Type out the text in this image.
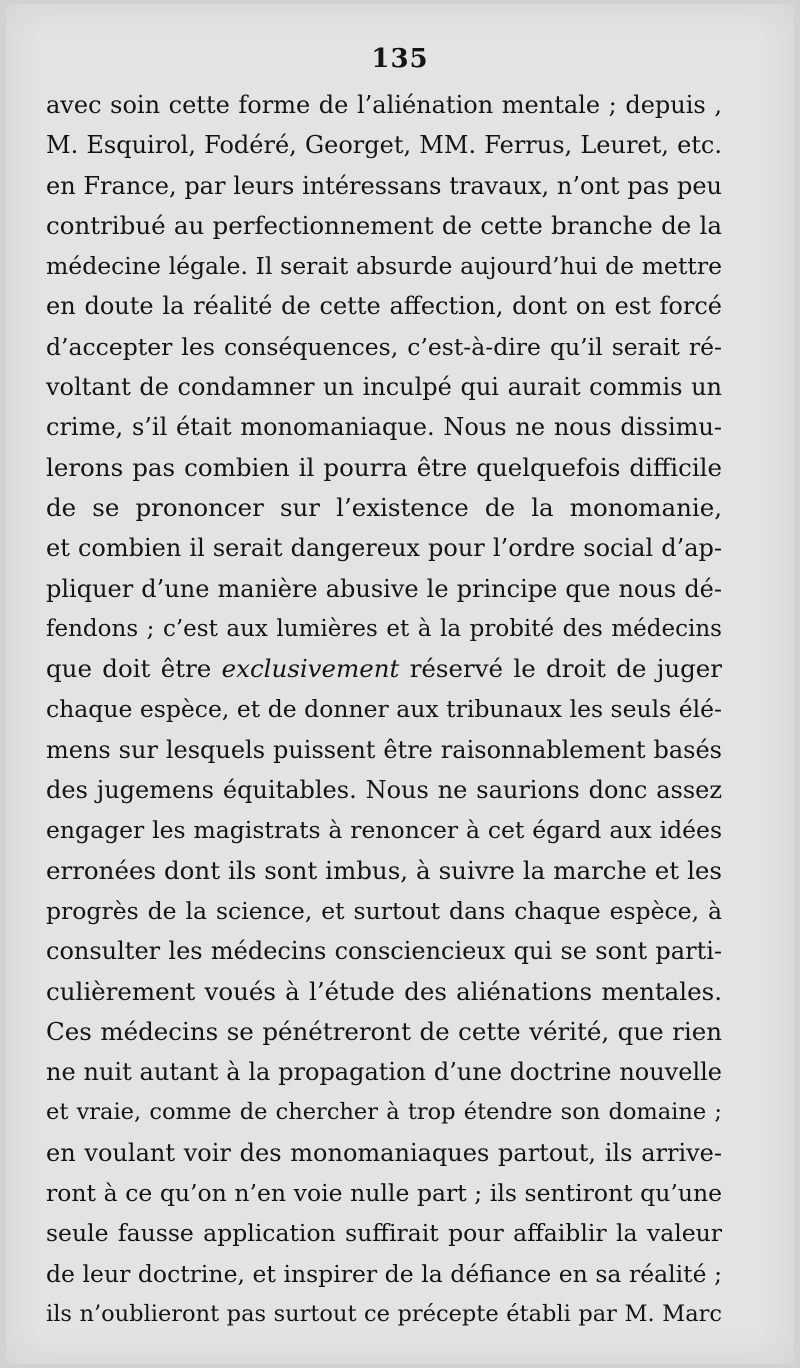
135
avec soin cette forme de l’aliénation mentale ; depuis ,
M. Esquirol, Fodéré, Georget, MM. Ferrus, Leuret, etc.
en France, par leurs intéressans travaux, n’ont pas peu
contribué au perfectionnement de cette branche de la
médecine légale. Il serait absurde aujourd’hui de mettre
en doute la réalité de cette affection, dont on est forcé
d’accepter les conséquences, c’est-à-dire qu’il serait ré-
voltant de condamner un inculpé qui aurait commis un
crime, s’il était monomaniaque. Nous ne nous dissimu-
lerons pas combien il pourra être quelquefois difficile
de se prononcer sur l’existence de la monomanie,
et combien il serait dangereux pour l’ordre social d’ap-
pliquer d’une manière abusive le principe que nous dé-
fendons ; c’est aux lumières et à la probité des médecins
que doit être exclusivement réservé le droit de juger
chaque espèce, et de donner aux tribunaux les seuls élé-
mens sur lesquels puissent être raisonnablement basés
des jugemens équitables. Nous ne saurions donc assez
engager les magistrats à renoncer à cet égard aux idées
erronées dont ils sont imbus, à suivre la marche et les
progrès de la science, et surtout dans chaque espèce, à
consulter les médecins consciencieux qui se sont parti-
culièrement voués à l’étude des aliénations mentales.
Ces médecins se pénétreront de cette vérité, que rien
ne nuit autant à la propagation d’une doctrine nouvelle
et vraie, comme de chercher à trop étendre son domaine ;
en voulant voir des monomaniaques partout, ils arrive-
ront à ce qu’on n’en voie nulle part ; ils sentiront qu’une
seule fausse application suffirait pour affaiblir la valeur
de leur doctrine, et inspirer de la défiance en sa réalité ;
ils n’oublieront pas surtout ce précepte établi par M. Marc
